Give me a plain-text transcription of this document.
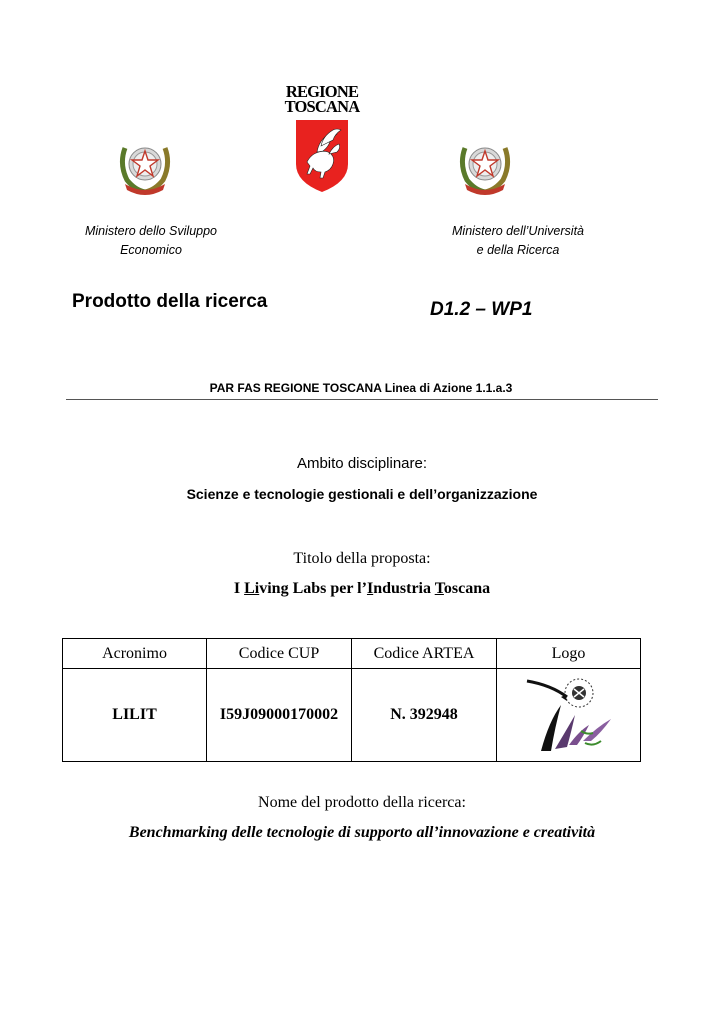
REGIONE
TOSCANA
Ministero dello Sviluppo
Economico
Ministero dell’Università
e della Ricerca
Prodotto della ricerca	D1.2 – WP1
PAR FAS REGIONE TOSCANA Linea di Azione 1.1.a.3
Ambito disciplinare:
Scienze e tecnologie gestionali e dell’organizzazione
Titolo della proposta:
I Living Labs per l’Industria Toscana
Acronimo	Codice CUP	Codice ARTEA	Logo
LILIT	I59J09000170002	N. 392948	
Nome del prodotto della ricerca:
Benchmarking delle tecnologie di supporto all’innovazione e creatività
